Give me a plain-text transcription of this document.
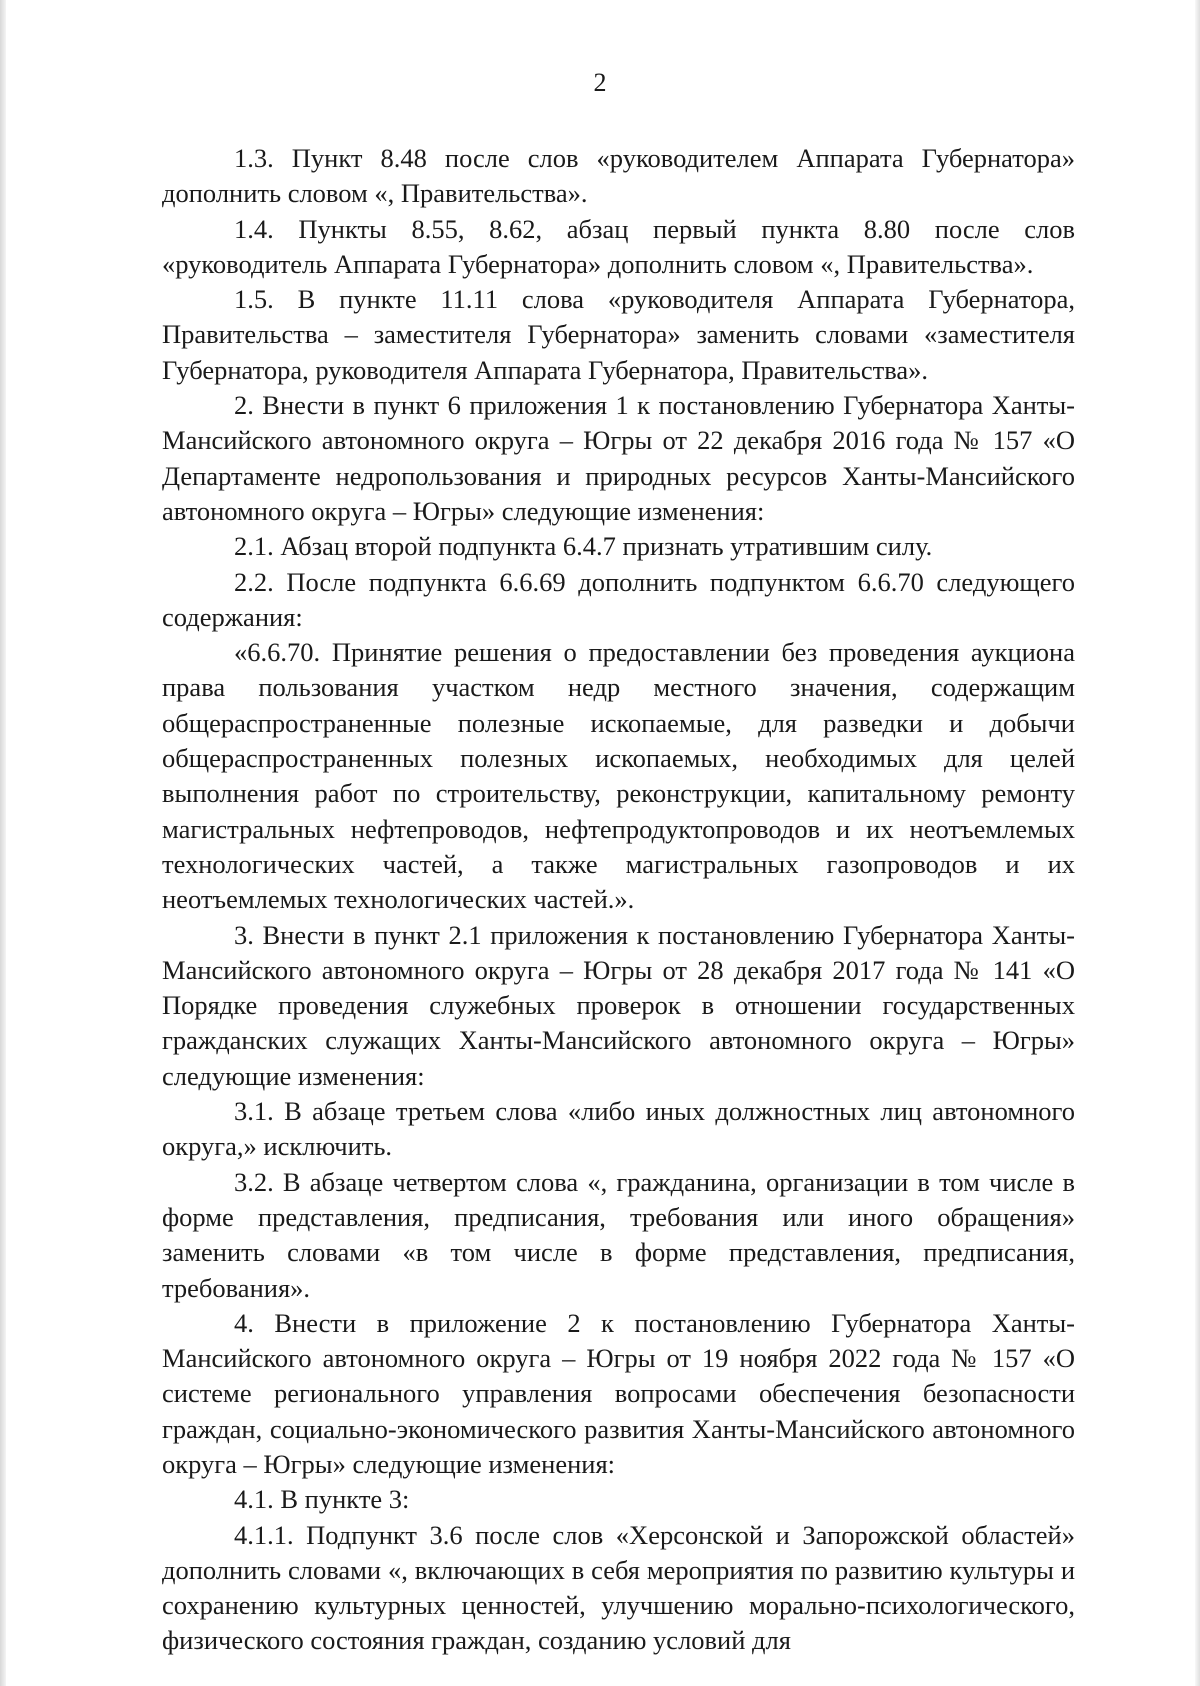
2

1.3. Пункт 8.48 после слов «руководителем Аппарата Губернатора» дополнить словом «, Правительства».

1.4. Пункты 8.55, 8.62, абзац первый пункта 8.80 после слов «руководитель Аппарата Губернатора» дополнить словом «, Правительства».

1.5. В пункте 11.11 слова «руководителя Аппарата Губернатора, Правительства – заместителя Губернатора» заменить словами «заместителя Губернатора, руководителя Аппарата Губернатора, Правительства».

2. Внести в пункт 6 приложения 1 к постановлению Губернатора Ханты-Мансийского автономного округа – Югры от 22 декабря 2016 года № 157 «О Департаменте недропользования и природных ресурсов Ханты-Мансийского автономного округа – Югры» следующие изменения:

2.1. Абзац второй подпункта 6.4.7 признать утратившим силу.

2.2. После подпункта 6.6.69 дополнить подпунктом 6.6.70 следующего содержания:

«6.6.70. Принятие решения о предоставлении без проведения аукциона права пользования участком недр местного значения, содержащим общераспространенные полезные ископаемые, для разведки и добычи общераспространенных полезных ископаемых, необходимых для целей выполнения работ по строительству, реконструкции, капитальному ремонту магистральных нефтепроводов, нефтепродуктопроводов и их неотъемлемых технологических частей, а также магистральных газопроводов и их неотъемлемых технологических частей.».

3. Внести в пункт 2.1 приложения к постановлению Губернатора Ханты-Мансийского автономного округа – Югры от 28 декабря 2017 года № 141 «О Порядке проведения служебных проверок в отношении государственных гражданских служащих Ханты-Мансийского автономного округа – Югры» следующие изменения:

3.1. В абзаце третьем слова «либо иных должностных лиц автономного округа,» исключить.

3.2. В абзаце четвертом слова «, гражданина, организации в том числе в форме представления, предписания, требования или иного обращения» заменить словами «в том числе в форме представления, предписания, требования».

4. Внести в приложение 2 к постановлению Губернатора Ханты-Мансийского автономного округа – Югры от 19 ноября 2022 года № 157 «О системе регионального управления вопросами обеспечения безопасности граждан, социально-экономического развития Ханты-Мансийского автономного округа – Югры» следующие изменения:

4.1. В пункте 3:

4.1.1. Подпункт 3.6 после слов «Херсонской и Запорожской областей» дополнить словами «, включающих в себя мероприятия по развитию культуры и сохранению культурных ценностей, улучшению морально-психологического, физического состояния граждан, созданию условий для
